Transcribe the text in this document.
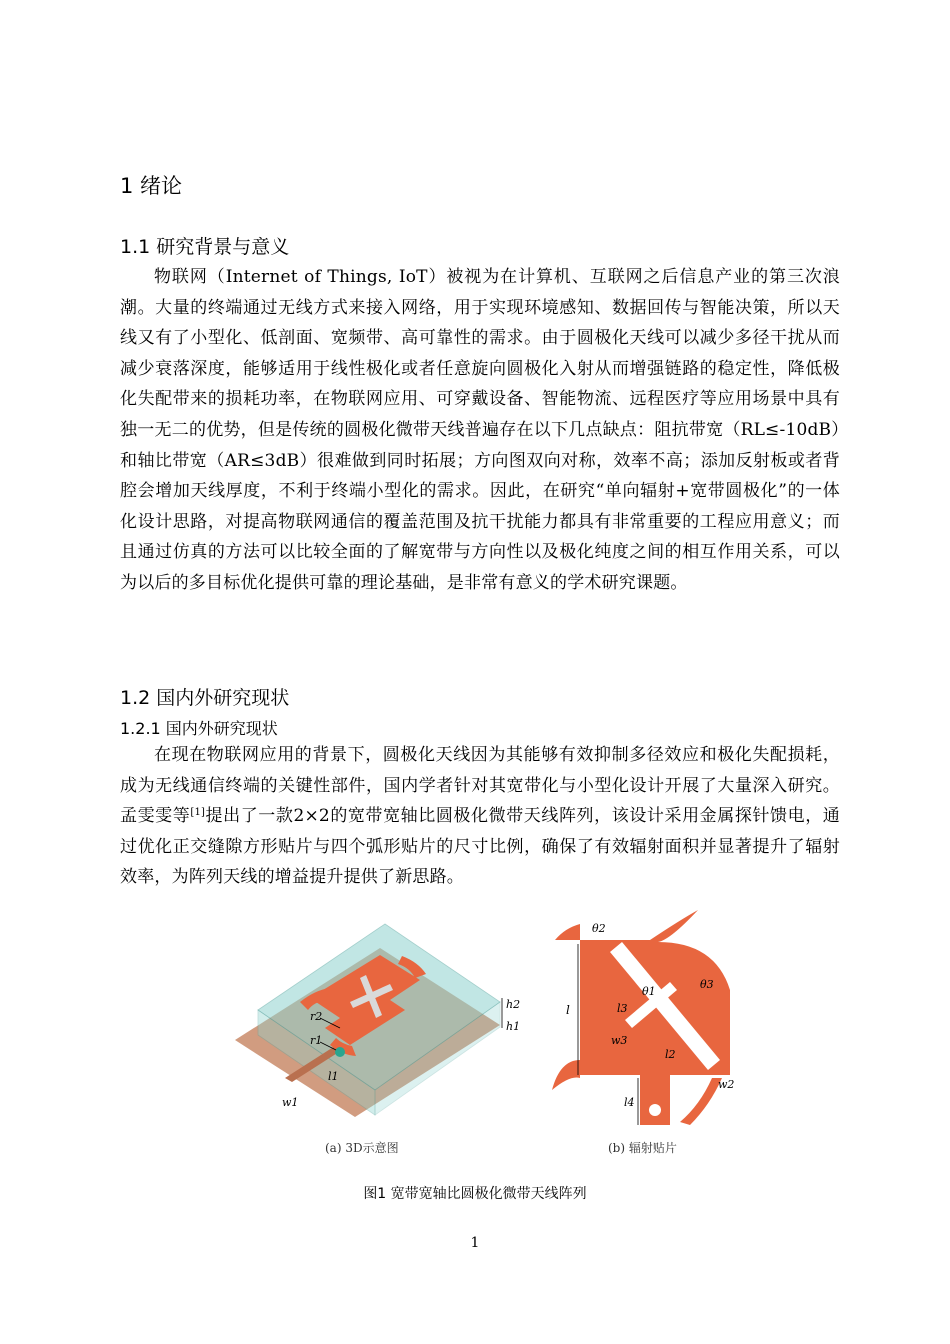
1 绪论
1.1 研究背景与意义
物联网（Internet of Things, IoT）被视为在计算机、互联网之后信息产业的第三次浪潮。大量的终端通过无线方式来接入网络，用于实现环境感知、数据回传与智能决策，所以天线又有了小型化、低剖面、宽频带、高可靠性的需求。由于圆极化天线可以减少多径干扰从而减少衰落深度，能够适用于线性极化或者任意旋向圆极化入射从而增强链路的稳定性，降低极化失配带来的损耗功率，在物联网应用、可穿戴设备、智能物流、远程医疗等应用场景中具有独一无二的优势，但是传统的圆极化微带天线普遍存在以下几点缺点：阻抗带宽（RL≤-10dB）和轴比带宽（AR≤3dB）很难做到同时拓展；方向图双向对称，效率不高；添加反射板或者背腔会增加天线厚度，不利于终端小型化的需求。因此，在研究“单向辐射+宽带圆极化”的一体化设计思路，对提高物联网通信的覆盖范围及抗干扰能力都具有非常重要的工程应用意义；而且通过仿真的方法可以比较全面的了解宽带与方向性以及极化纯度之间的相互作用关系，可以为以后的多目标优化提供可靠的理论基础，是非常有意义的学术研究课题。
1.2 国内外研究现状
1.2.1 国内外研究现状
在现在物联网应用的背景下，圆极化天线因为其能够有效抑制多径效应和极化失配损耗，成为无线通信终端的关键性部件，国内学者针对其宽带化与小型化设计开展了大量深入研究。孟雯雯等[1]提出了一款2×2的宽带宽轴比圆极化微带天线阵列，该设计采用金属探针馈电，通过优化正交缝隙方形贴片与四个弧形贴片的尺寸比例，确保了有效辐射面积并显著提升了辐射效率，为阵列天线的增益提升提供了新思路。
r2
r1
h2
h1
w1
l1
(a) 3D示意图
θ2
l
θ1
θ3
l3
w3
l2
w2
l4
(b) 辐射贴片
图1 宽带宽轴比圆极化微带天线阵列
1
